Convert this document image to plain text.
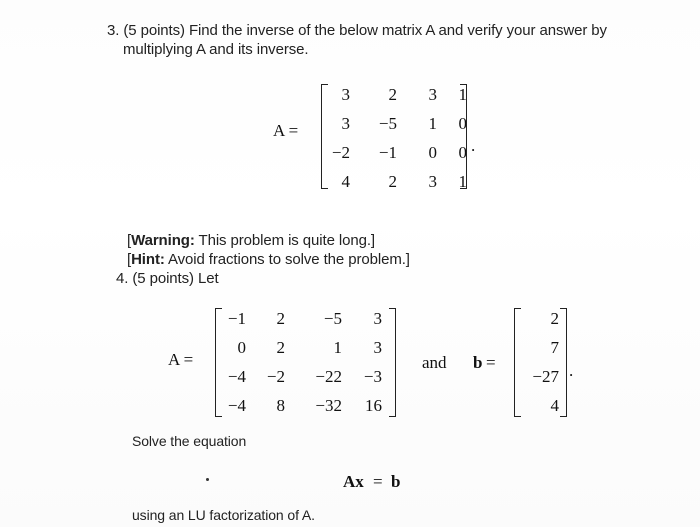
3. (5 points) Find the inverse of the below matrix A and verify your answer by
multiplying A and its inverse.
A =
3	2	3	1
3	−5	1	0
−2	−1	0	0
4	2	3	1
.
[Warning: This problem is quite long.]
[Hint: Avoid fractions to solve the problem.]
4. (5 points) Let
A =
−1	2	−5	3
0	2	1	3
−4	−2	−22	−3
−4	8	−32	16
and b =
2
7
−27
4
.
Solve the equation
Ax = b
using an LU factorization of A.
